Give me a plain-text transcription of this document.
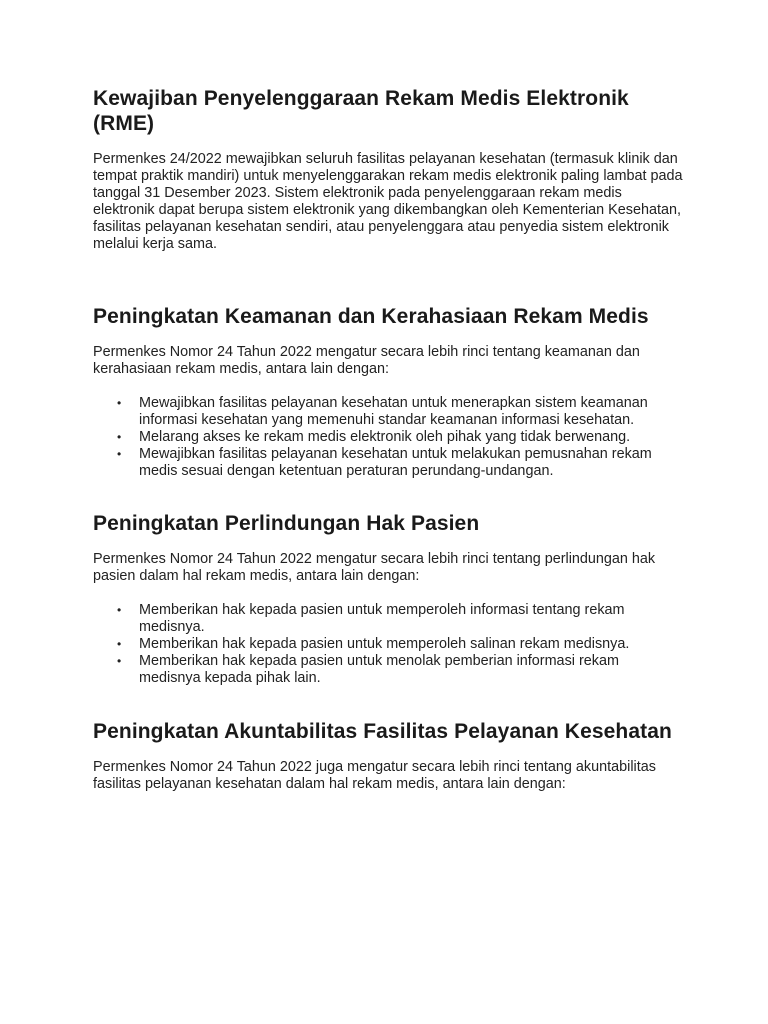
Kewajiban Penyelenggaraan Rekam Medis Elektronik (RME)

Permenkes 24/2022 mewajibkan seluruh fasilitas pelayanan kesehatan (termasuk klinik dan tempat praktik mandiri) untuk menyelenggarakan rekam medis elektronik paling lambat pada tanggal 31 Desember 2023. Sistem elektronik pada penyelenggaraan rekam medis elektronik dapat berupa sistem elektronik yang dikembangkan oleh Kementerian Kesehatan, fasilitas pelayanan kesehatan sendiri, atau penyelenggara atau penyedia sistem elektronik melalui kerja sama.

Peningkatan Keamanan dan Kerahasiaan Rekam Medis

Permenkes Nomor 24 Tahun 2022 mengatur secara lebih rinci tentang keamanan dan kerahasiaan rekam medis, antara lain dengan:

• Mewajibkan fasilitas pelayanan kesehatan untuk menerapkan sistem keamanan informasi kesehatan yang memenuhi standar keamanan informasi kesehatan.
• Melarang akses ke rekam medis elektronik oleh pihak yang tidak berwenang.
• Mewajibkan fasilitas pelayanan kesehatan untuk melakukan pemusnahan rekam medis sesuai dengan ketentuan peraturan perundang-undangan.
Peningkatan Perlindungan Hak Pasien

Permenkes Nomor 24 Tahun 2022 mengatur secara lebih rinci tentang perlindungan hak pasien dalam hal rekam medis, antara lain dengan:

• Memberikan hak kepada pasien untuk memperoleh informasi tentang rekam medisnya.
• Memberikan hak kepada pasien untuk memperoleh salinan rekam medisnya.
• Memberikan hak kepada pasien untuk menolak pemberian informasi rekam medisnya kepada pihak lain.
Peningkatan Akuntabilitas Fasilitas Pelayanan Kesehatan

Permenkes Nomor 24 Tahun 2022 juga mengatur secara lebih rinci tentang akuntabilitas fasilitas pelayanan kesehatan dalam hal rekam medis, antara lain dengan:
